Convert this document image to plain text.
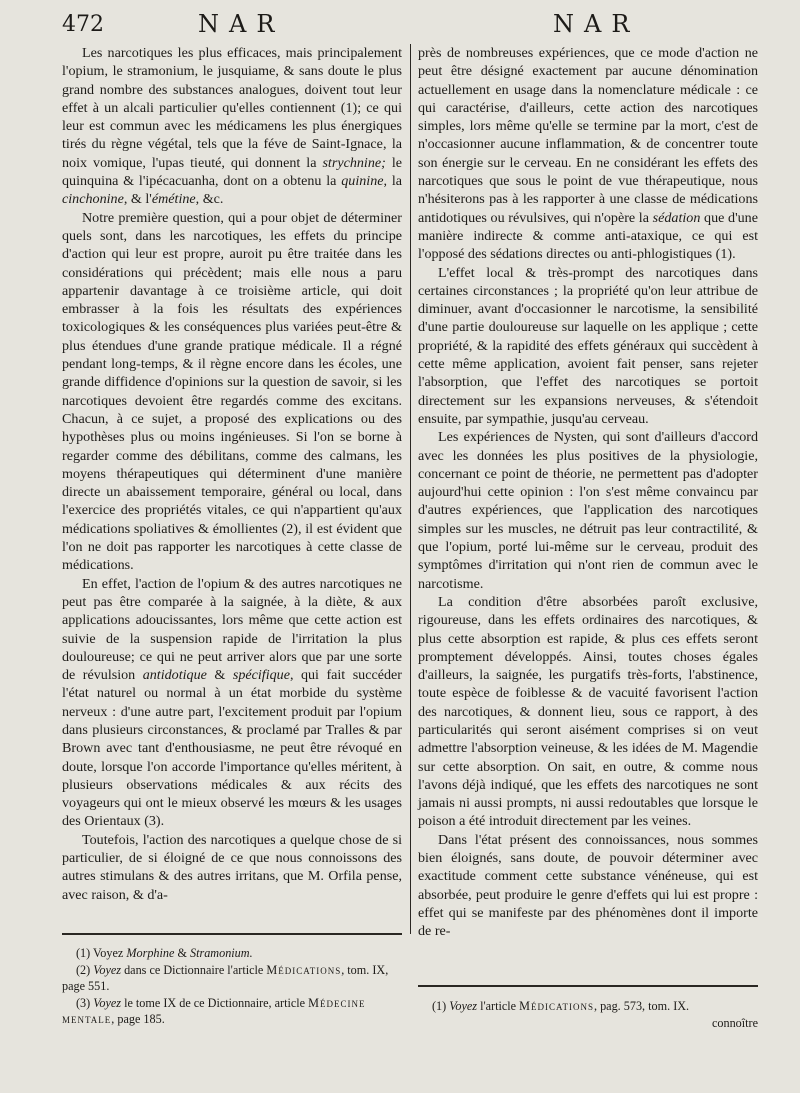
472	NAR	NAR

Les narcotiques les plus efficaces, mais principalement l'opium, le stramonium, le jusquiame, & sans doute le plus grand nombre des substances analogues, doivent tout leur effet à un alcali particulier qu'elles contiennent (1); ce qui leur est commun avec les médicamens les plus énergiques tirés du règne végétal, tels que la féve de Saint-Ignace, la noix vomique, l'upas tieuté, qui donnent la strychnine; le quinquina & l'ipécacuanha, dont on a obtenu la quinine, la cinchonine, & l'émétine, &c.

Notre première question, qui a pour objet de déterminer quels sont, dans les narcotiques, les effets du principe d'action qui leur est propre, auroit pu être traitée dans les considérations qui précèdent; mais elle nous a paru appartenir davantage à ce troisième article, qui doit embrasser à la fois les résultats des expériences toxicologiques & les conséquences plus variées peut-être & plus étendues d'une grande pratique médicale. Il a régné pendant long-temps, & il règne encore dans les écoles, une grande diffidence d'opinions sur la question de savoir, si les narcotiques devoient être regardés comme des excitans. Chacun, à ce sujet, a proposé des explications ou des hypothèses plus ou moins ingénieuses. Si l'on se borne à regarder comme des débilitans, comme des calmans, les moyens thérapeutiques qui déterminent d'une manière directe un abaissement temporaire, général ou local, dans l'exercice des propriétés vitales, ce qui n'appartient qu'aux médications spoliatives & émollientes (2), il est évident que l'on ne doit pas rapporter les narcotiques à cette classe de médications.

En effet, l'action de l'opium & des autres narcotiques ne peut pas être comparée à la saignée, à la diète, & aux applications adoucissantes, lors même que cette action est suivie de la suspension rapide de l'irritation la plus douloureuse; ce qui ne peut arriver alors que par une sorte de révulsion antidotique & spécifique, qui fait succéder l'état naturel ou normal à un état morbide du système nerveux : d'une autre part, l'excitement produit par l'opium dans plusieurs circonstances, & proclamé par Tralles & par Brown avec tant d'enthousiasme, ne peut être révoqué en doute, lorsque l'on accorde l'importance qu'elles méritent, à plusieurs observations médicales & aux récits des voyageurs qui ont le mieux observé les mœurs & les usages des Orientaux (3).

Toutefois, l'action des narcotiques a quelque chose de si particulier, de si éloigné de ce que nous connoissons des autres stimulans & des autres irritans, que M. Orfila pense, avec raison, & d'a-

près de nombreuses expériences, que ce mode d'action ne peut être désigné exactement par aucune dénomination actuellement en usage dans la nomenclature médicale : ce qui caractérise, d'ailleurs, cette action des narcotiques simples, lors même qu'elle se termine par la mort, c'est de n'occasionner aucune inflammation, & de concentrer toute son énergie sur le cerveau. En ne considérant les effets des narcotiques que sous le point de vue thérapeutique, nous n'hésiterons pas à les rapporter à une classe de médications antidotiques ou révulsives, qui n'opère la sédation que d'une manière indirecte & comme anti-ataxique, ce qui est l'opposé des sédations directes ou anti-phlogistiques (1).

L'effet local & très-prompt des narcotiques dans certaines circonstances ; la propriété qu'on leur attribue de diminuer, avant d'occasionner le narcotisme, la sensibilité d'une partie douloureuse sur laquelle on les applique ; cette propriété, & la rapidité des effets généraux qui succèdent à cette même application, avoient fait penser, sans rejeter l'absorption, que l'effet des narcotiques se portoit directement sur les expansions nerveuses, & s'étendoit ensuite, par sympathie, jusqu'au cerveau.

Les expériences de Nysten, qui sont d'ailleurs d'accord avec les données les plus positives de la physiologie, concernant ce point de théorie, ne permettent pas d'adopter aujourd'hui cette opinion : l'on s'est même convaincu par d'autres expériences, que l'application des narcotiques simples sur les muscles, ne détruit pas leur contractilité, & que l'opium, porté lui-même sur le cerveau, produit des symptômes d'irritation qui n'ont rien de commun avec le narcotisme.

La condition d'être absorbées paroît exclusive, rigoureuse, dans les effets ordinaires des narcotiques, & plus cette absorption est rapide, & plus ces effets seront promptement développés. Ainsi, toutes choses égales d'ailleurs, la saignée, les purgatifs très-forts, l'abstinence, toute espèce de foiblesse & de vacuité favorisent l'action des narcotiques, & donnent lieu, sous ce rapport, à des particularités qui seront aisément comprises si on veut admettre l'absorption veineuse, & les idées de M. Magendie sur cette absorption. On sait, en outre, & comme nous l'avons déjà indiqué, que les effets des narcotiques ne sont jamais ni aussi prompts, ni aussi redoutables que lorsque le poison a été introduit directement par les veines.

Dans l'état présent des connoissances, nous sommes bien éloignés, sans doute, de pouvoir déterminer avec exactitude comment cette substance vénéneuse, qui est absorbée, peut produire le genre d'effets qui lui est propre : effet qui se manifeste par des phénomènes dont il importe de re-

(1) Voyez Morphine & Stramonium.

(2) Voyez dans ce Dictionnaire l'article Médications, tom. IX, page 551.

(3) Voyez le tome IX de ce Dictionnaire, article Médecine mentale, page 185.

(1) Voyez l'article Médications, pag. 573, tom. IX.

connoître
